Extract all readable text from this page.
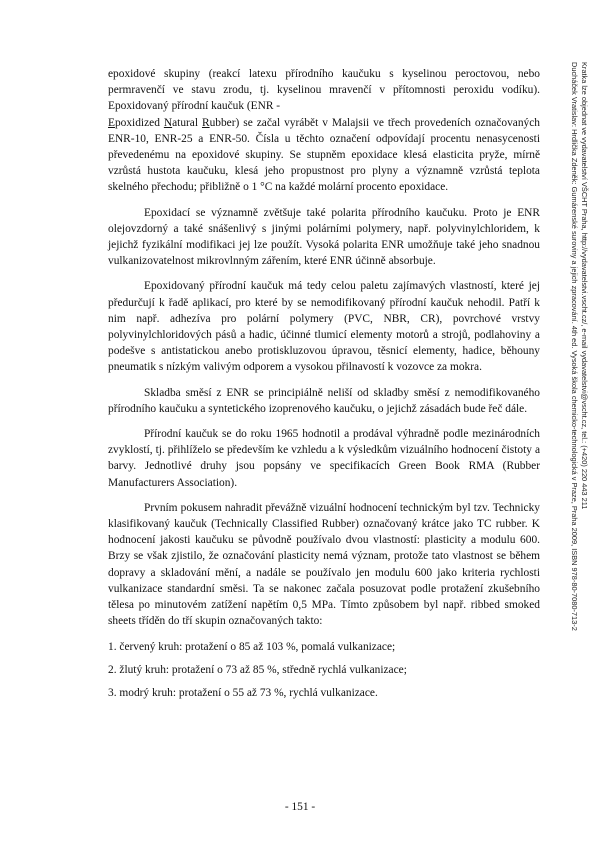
epoxidové skupiny (reakcí latexu přírodního kaučuku s kyselinou peroctovou, nebo permravenčí ve stavu zrodu, tj. kyselinou mravenčí v přítomnosti peroxidu vodíku). Epoxidovaný přírodní kaučuk (ENR -
Epoxidized Natural Rubber) se začal vyrábět v Malajsii ve třech provedeních označovaných ENR-10, ENR-25 a ENR-50. Čísla u těchto označení odpovídají procentu nenasycenosti převedenému na epoxidové skupiny. Se stupněm epoxidace klesá elasticita pryže, mírně vzrůstá hustota kaučuku, klesá jeho propustnost pro plyny a významně vzrůstá teplota skelného přechodu; přibližně o 1 °C na každé molární procento epoxidace.

Epoxidací se významně zvětšuje také polarita přírodního kaučuku. Proto je ENR olejovzdorný a také snášenlivý s jinými polárními polymery, např. polyvinylchloridem, k jejichž fyzikální modifikaci jej lze použít. Vysoká polarita ENR umožňuje také jeho snadnou vulkanizovatelnost mikrovlnným zářením, které ENR účinně absorbuje.

Epoxidovaný přírodní kaučuk má tedy celou paletu zajímavých vlastností, které jej předurčují k řadě aplikací, pro které by se nemodifikovaný přírodní kaučuk nehodil. Patří k nim např. adhezíva pro polární polymery (PVC, NBR, CR), povrchové vrstvy polyvinylchloridových pásů a hadic, účinné tlumicí elementy motorů a strojů, podlahoviny a podešve s antistatickou anebo protiskluzovou úpravou, těsnicí elementy, hadice, běhouny pneumatik s nízkým valivým odporem a vysokou přilnavostí k vozovce za mokra.

Skladba směsí z ENR se principiálně neliší od skladby směsí z nemodifikovaného přírodního kaučuku a syntetického izoprenového kaučuku, o jejichž zásadách bude řeč dále.

Přírodní kaučuk se do roku 1965 hodnotil a prodával výhradně podle mezinárodních zvyklostí, tj. přihlíželo se především ke vzhledu a k výsledkům vizuálního hodnocení čistoty a barvy. Jednotlivé druhy jsou popsány ve specifikacích Green Book RMA (Rubber Manufacturers Association).

Prvním pokusem nahradit převážně vizuální hodnocení technickým byl tzv. Technicky klasifikovaný kaučuk (Technically Classified Rubber) označovaný krátce jako TC rubber. K hodnocení jakosti kaučuku se původně používalo dvou vlastností: plasticity a modulu 600. Brzy se však zjistilo, že označování plasticity nemá význam, protože tato vlastnost se během dopravy a skladování mění, a nadále se používalo jen modulu 600 jako kriteria rychlosti vulkanizace standardní směsi. Ta se nakonec začala posuzovat podle protažení zkušebního tělesa po minutovém zatížení napětím 0,5 MPa. Tímto způsobem byl např. ribbed smoked sheets tříděn do tří skupin označovaných takto:

1. červený kruh: protažení o 85 až 103 %, pomalá vulkanizace;
2. žlutý kruh: protažení o 73 až 85 %, středně rychlá vulkanizace;
3. modrý kruh: protažení o 55 až 73 %, rychlá vulkanizace.
- 151 -
Kratka lze objednat ve vydavatelství VŠCHT Praha, http://vydavatelstvi.vscht.cz/, e-mail vydavatelstvi@vscht.cz, tel.: (+420) 220 443 211
Ducháček Vratislav: Hrdlička Zdeněk: Gumárenské suroviny a jejich zpracování. 4th ed. Vysoká škola chemicko-technologická v Praze, Praha 2009, ISBN 978-80-7080-713-2
